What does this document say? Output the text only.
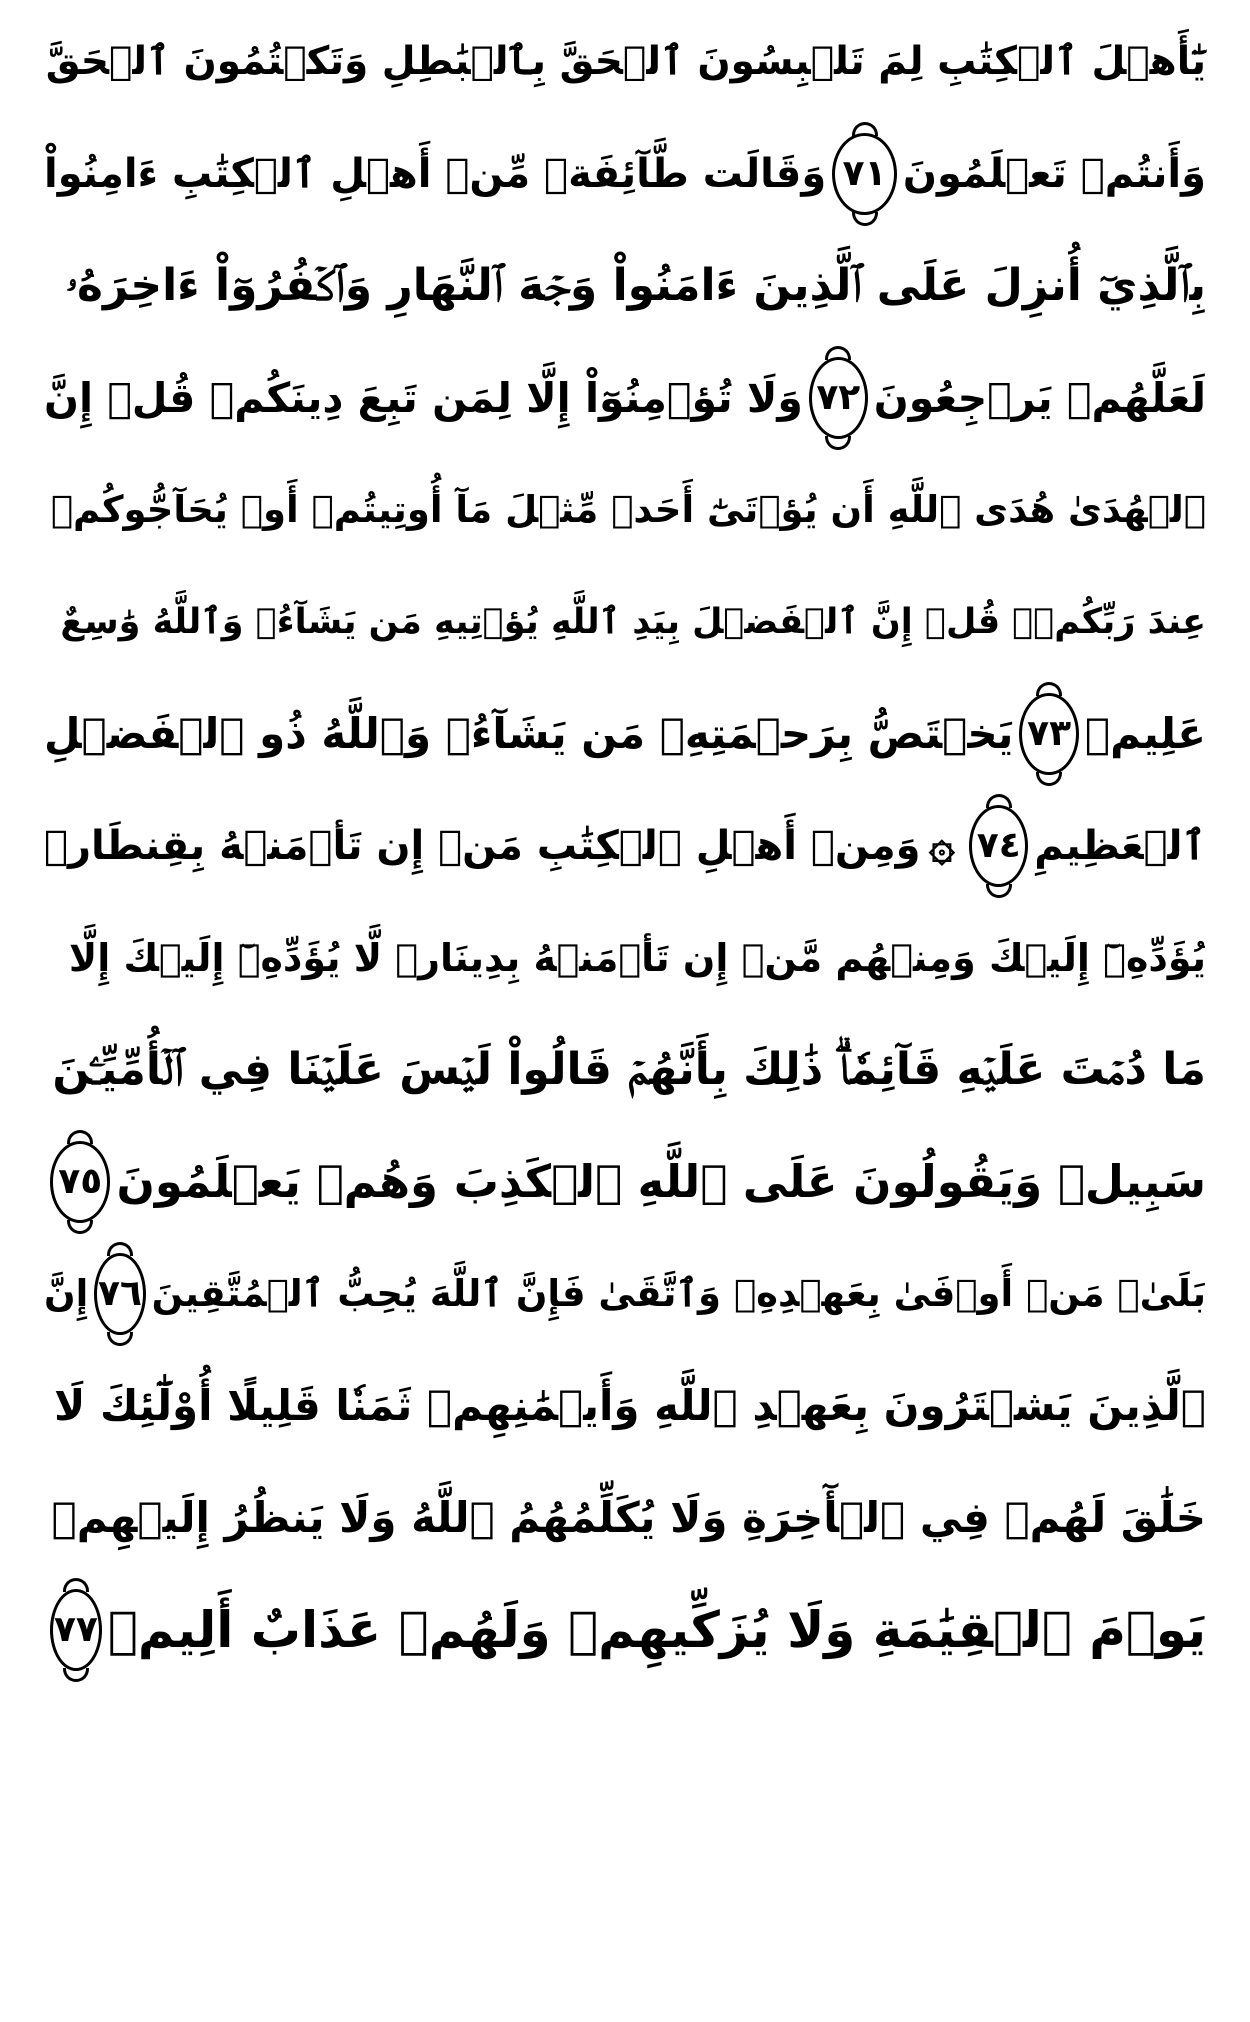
يَٰٓأَهۡلَ ٱلۡكِتَٰبِ لِمَ تَلۡبِسُونَ ٱلۡحَقَّ بِٱلۡبَٰطِلِ وَتَكۡتُمُونَ ٱلۡحَقَّ
وَأَنتُمۡ تَعۡلَمُونَ
٧١
وَقَالَت طَّآئِفَةٞ مِّنۡ أَهۡلِ ٱلۡكِتَٰبِ ءَامِنُواْ
بِٱلَّذِيٓ أُنزِلَ عَلَى ٱلَّذِينَ ءَامَنُواْ وَجۡهَ ٱلنَّهَارِ وَٱكۡفُرُوٓاْ ءَاخِرَهُۥ
لَعَلَّهُمۡ يَرۡجِعُونَ
٧٢
وَلَا تُؤۡمِنُوٓاْ إِلَّا لِمَن تَبِعَ دِينَكُمۡ قُلۡ إِنَّ
ٱلۡهُدَىٰ هُدَى ٱللَّهِ أَن يُؤۡتَىٰٓ أَحَدٞ مِّثۡلَ مَآ أُوتِيتُمۡ أَوۡ يُحَآجُّوكُمۡ
عِندَ رَبِّكُمۡۗ قُلۡ إِنَّ ٱلۡفَضۡلَ بِيَدِ ٱللَّهِ يُؤۡتِيهِ مَن يَشَآءُۗ وَٱللَّهُ وَٰسِعٌ
عَلِيمٞ
٧٣
يَخۡتَصُّ بِرَحۡمَتِهِۦ مَن يَشَآءُۗ وَٱللَّهُ ذُو ٱلۡفَضۡلِ
ٱلۡعَظِيمِ
٧٤
۞
وَمِنۡ أَهۡلِ ٱلۡكِتَٰبِ مَنۡ إِن تَأۡمَنۡهُ بِقِنطَارٖ
يُؤَدِّهِۦٓ إِلَيۡكَ وَمِنۡهُم مَّنۡ إِن تَأۡمَنۡهُ بِدِينَارٖ لَّا يُؤَدِّهِۦٓ إِلَيۡكَ إِلَّا
مَا دُمۡتَ عَلَيۡهِ قَآئِمٗاۗ ذَٰلِكَ بِأَنَّهُمۡ قَالُواْ لَيۡسَ عَلَيۡنَا فِي ٱلۡأُمِّيِّـۧنَ
سَبِيلٞ وَيَقُولُونَ عَلَى ٱللَّهِ ٱلۡكَذِبَ وَهُمۡ يَعۡلَمُونَ
٧٥
بَلَىٰۚ مَنۡ أَوۡفَىٰ بِعَهۡدِهِۦ وَٱتَّقَىٰ فَإِنَّ ٱللَّهَ يُحِبُّ ٱلۡمُتَّقِينَ
٧٦
إِنَّ
ٱلَّذِينَ يَشۡتَرُونَ بِعَهۡدِ ٱللَّهِ وَأَيۡمَٰنِهِمۡ ثَمَنٗا قَلِيلًا أُوْلَٰٓئِكَ لَا
خَلَٰقَ لَهُمۡ فِي ٱلۡأٓخِرَةِ وَلَا يُكَلِّمُهُمُ ٱللَّهُ وَلَا يَنظُرُ إِلَيۡهِمۡ
يَوۡمَ ٱلۡقِيَٰمَةِ وَلَا يُزَكِّيهِمۡ وَلَهُمۡ عَذَابٌ أَلِيمٞ
٧٧
